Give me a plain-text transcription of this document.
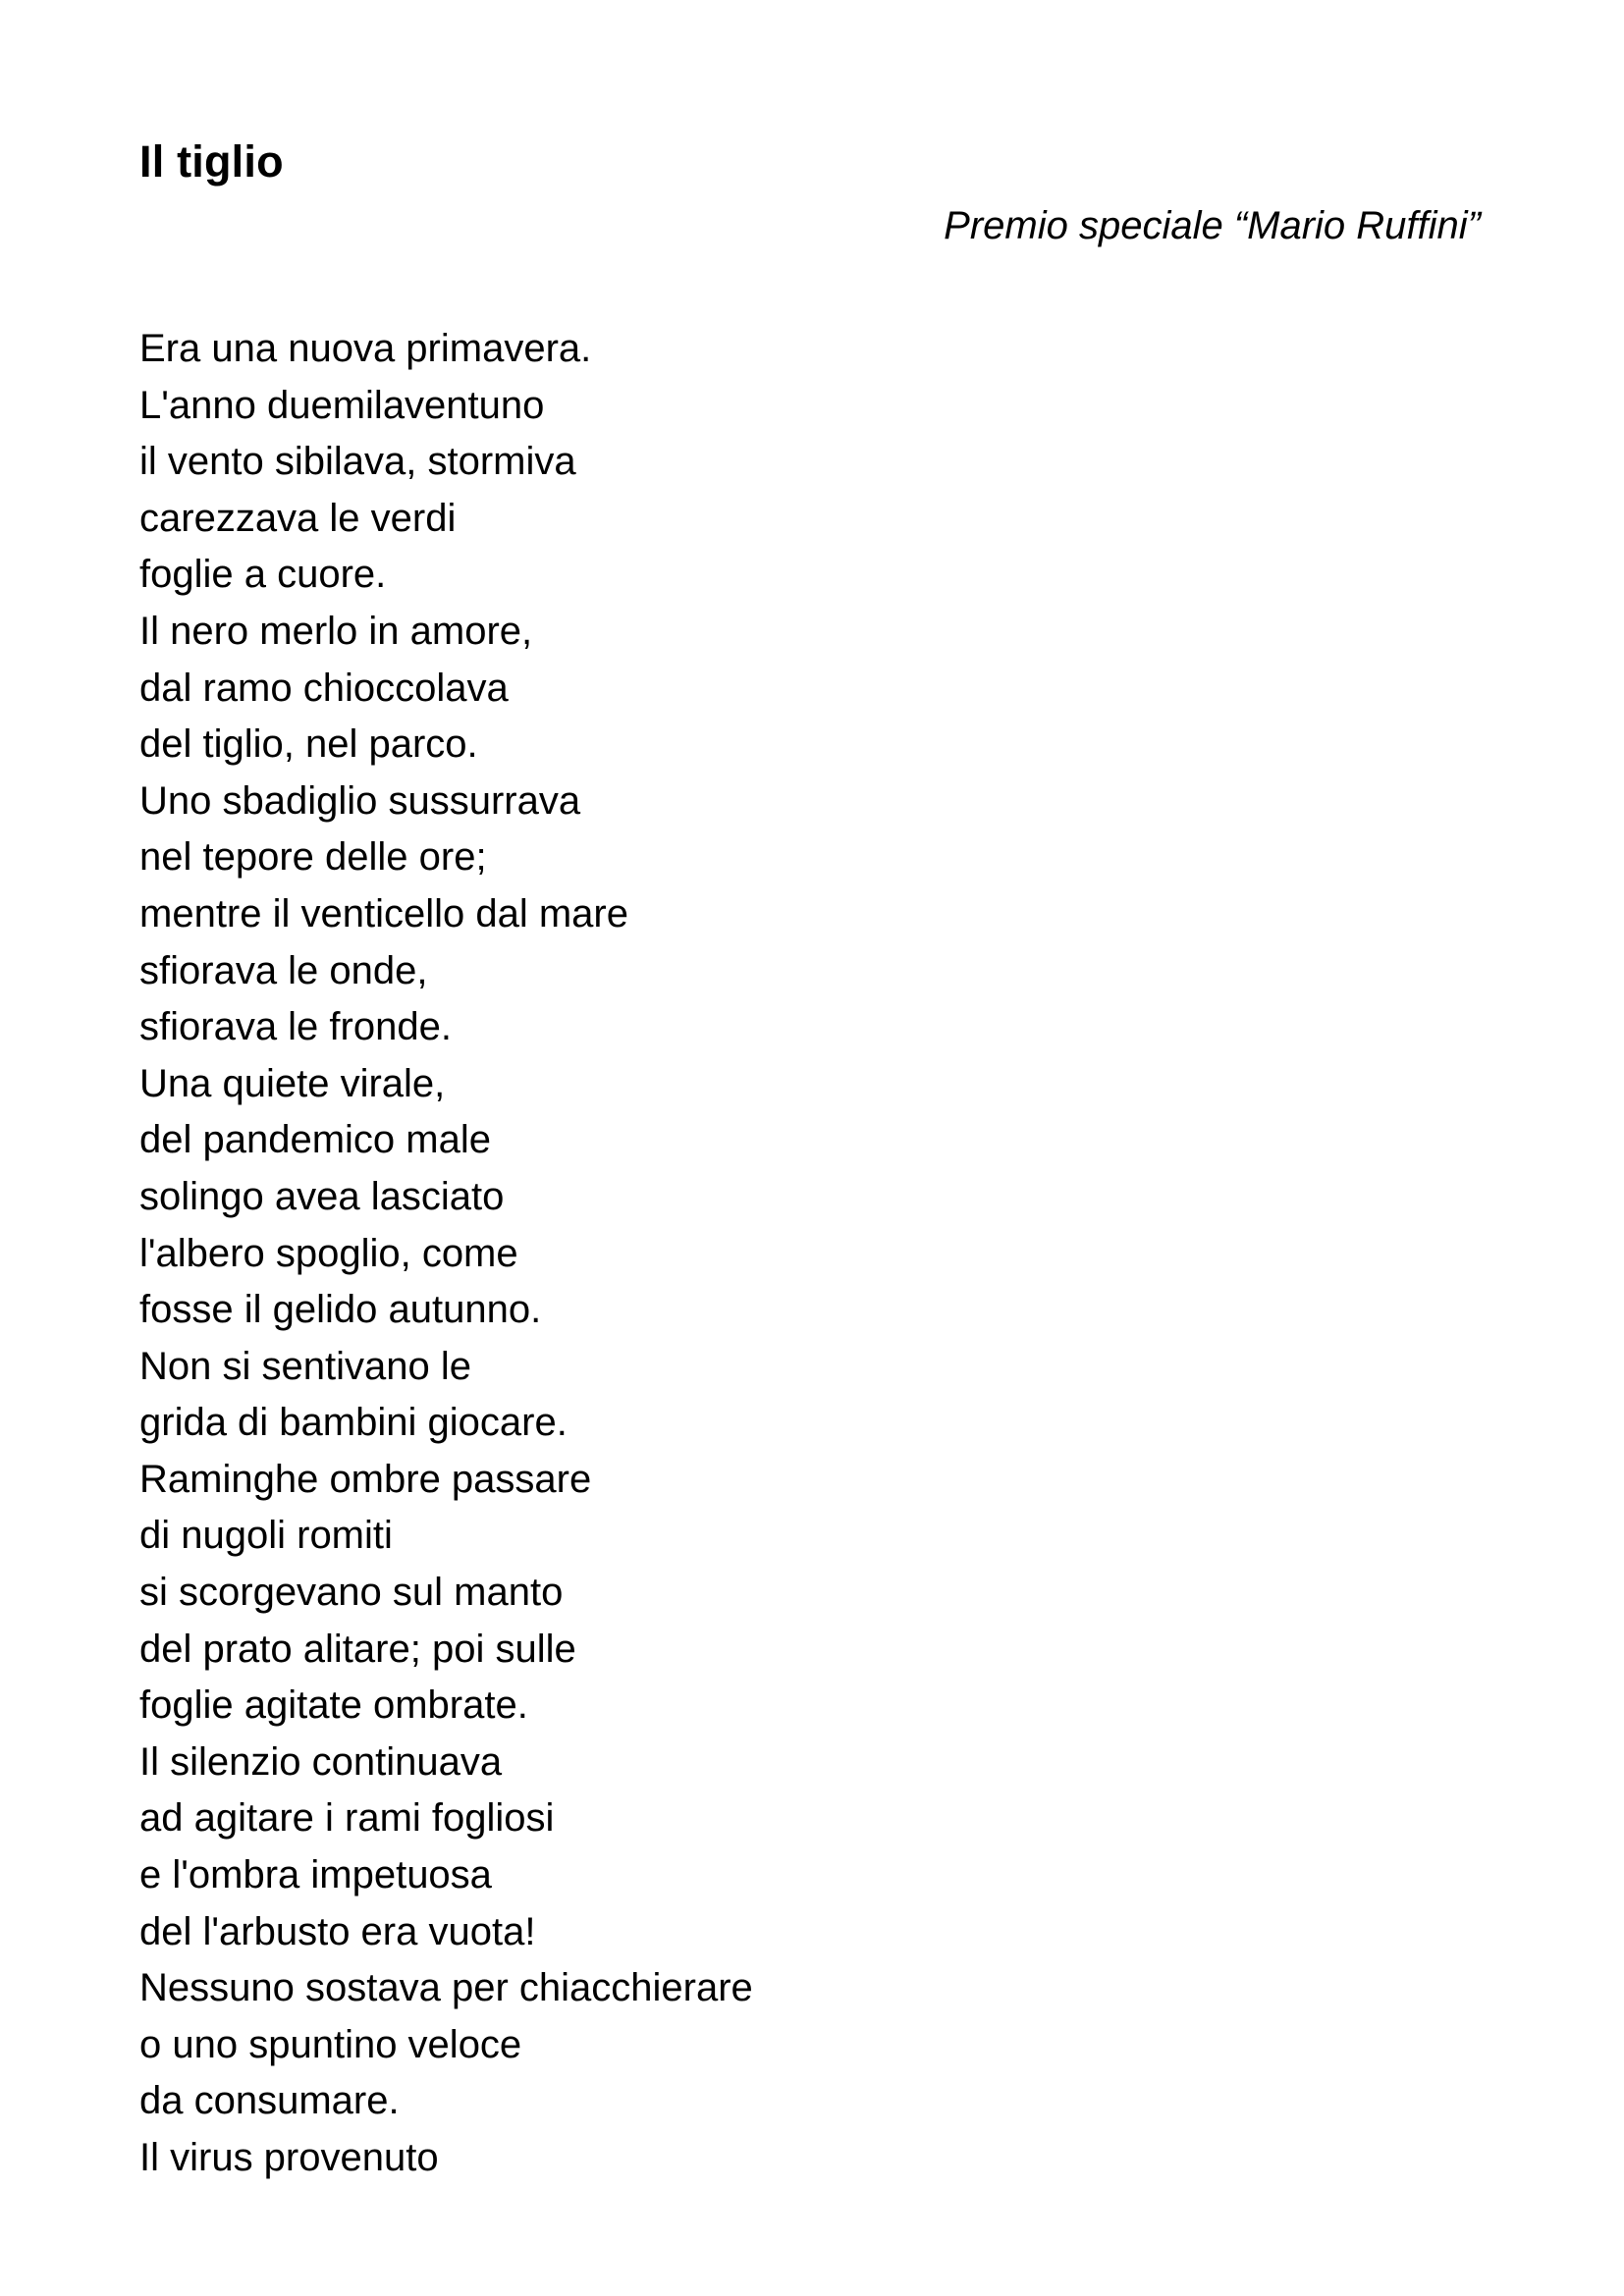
Il tiglio

Premio speciale “Mario Ruffini”

Era una nuova primavera.
L'anno duemilaventuno
il vento sibilava, stormiva
carezzava le verdi
foglie a cuore.
Il nero merlo in amore,
dal ramo chioccolava
del tiglio, nel parco.
Uno sbadiglio sussurrava
nel tepore delle ore;
mentre il venticello dal mare
sfiorava le onde,
sfiorava le fronde.
Una quiete virale,
del pandemico male
solingo avea lasciato
l'albero spoglio, come
fosse il gelido autunno.
Non si sentivano le
grida di bambini giocare.
Raminghe ombre passare
di nugoli romiti
si scorgevano sul manto
del prato alitare; poi sulle
foglie agitate ombrate.
Il silenzio continuava
ad agitare i rami fogliosi
e l'ombra impetuosa
del l'arbusto era vuota!
Nessuno sostava per chiacchierare
o uno spuntino veloce
da consumare.
Il virus provenuto
